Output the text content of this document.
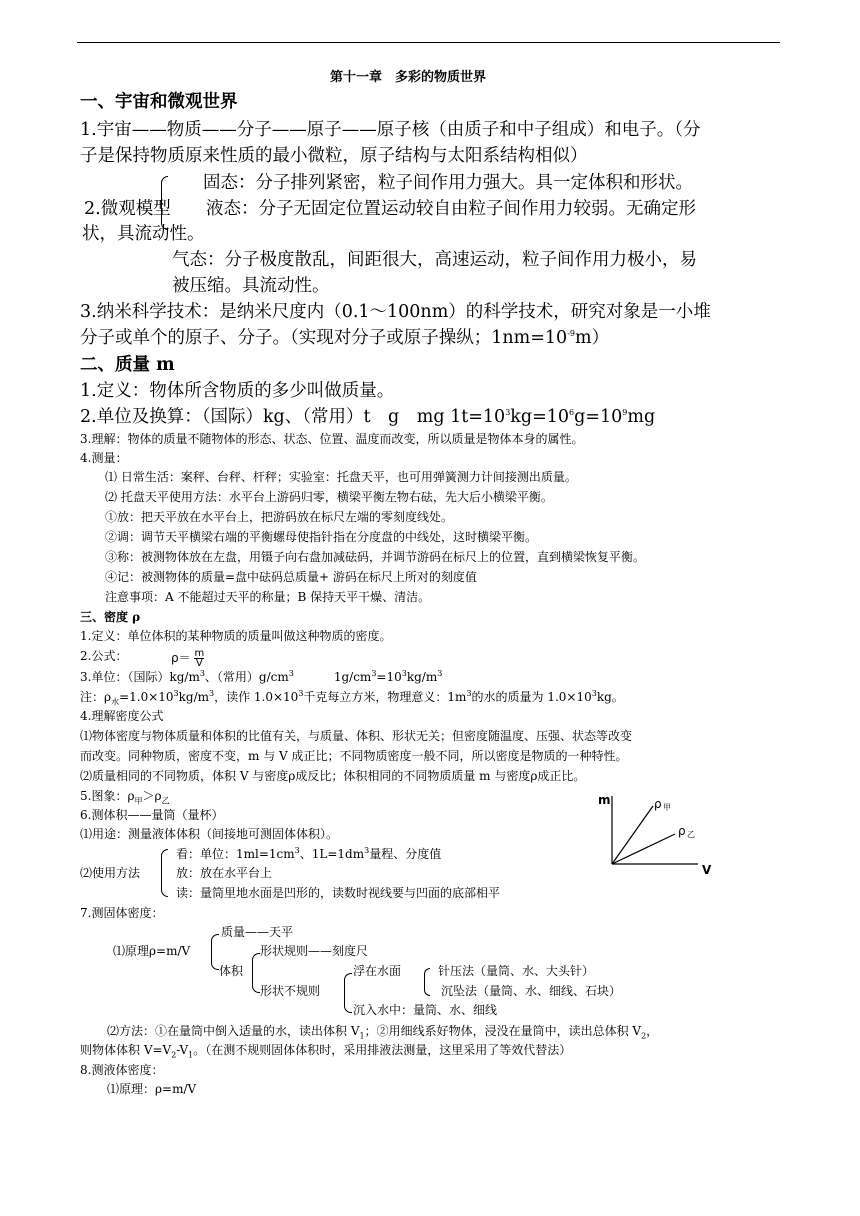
第十一章　多彩的物质世界
一、宇宙和微观世界
1.宇宙——物质——分子——原子——原子核（由质子和中子组成）和电子。（分
子是保持物质原来性质的最小微粒，原子结构与太阳系结构相似）
固态：分子排列紧密，粒子间作用力强大。具一定体积和形状。
2.微观模型 液态：分子无固定位置运动较自由粒子间作用力较弱。无确定形
状，具流动性。
气态：分子极度散乱，间距很大，高速运动，粒子间作用力极小，易
被压缩。具流动性。
3.纳米科学技术：是纳米尺度内（0.1～100nm）的科学技术，研究对象是一小堆
分子或单个的原子、分子。（实现对分子或原子操纵；$1nm=10^{-9}m$）
二、质量 m
1.定义：物体所含物质的多少叫做质量。
2.单位及换算：（国际）kg、（常用）t　g　mg $1t=10^3kg=10^6g=10^9mg$
3.理解：物体的质量不随物体的形态、状态、位置、温度而改变，所以质量是物体本身的属性。
4.测量：
⑴ 日常生活：案秤、台秤、杆秤；实验室：托盘天平，也可用弹簧测力计间接测出质量。
⑵ 托盘天平使用方法：水平台上游码归零，横梁平衡左物右砝，先大后小横梁平衡。
①放：把天平放在水平台上，把游码放在标尺左端的零刻度线处。
②调：调节天平横梁右端的平衡螺母使指针指在分度盘的中线处，这时横梁平衡。
③称：被测物体放在左盘，用镊子向右盘加减砝码，并调节游码在标尺上的位置，直到横梁恢复平衡。
④记：被测物体的质量=盘中砝码总质量+ 游码在标尺上所对的刻度值
注意事项：A 不能超过天平的称量；B 保持天平干燥、清洁。
三、密度 ρ
1.定义：单位体积的某种物质的质量叫做这种物质的密度。
2.公式：	$\rho= \frac{m}{V}$
3.单位：（国际）$kg/m^3$、（常用）$g/cm^3$	$1g/cm^3=10^3kg/m^3$
注：$\rho_水=1.0\times 10^3kg/m^3$，读作 $1.0\times 10^3$千克每立方米，物理意义：$1m^3$的水的质量为 $1.0\times 10^3kg$。
4.理解密度公式
⑴物体密度与物体质量和体积的比值有关，与质量、体积、形状无关；但密度随温度、压强、状态等改变
而改变。同种物质，密度不变，m 与 V 成正比；不同物质密度一般不同，所以密度是物质的一种特性。
⑵质量相同的不同物质，体积 V 与密度ρ成反比；体积相同的不同物质质量 m 与密度ρ成正比。
5.图象：$\rho_甲>\rho_乙$
6.测体积——量筒（量杯）
⑴用途：测量液体体积（间接地可测固体体积）。
看：单位：$1ml=1cm^3$、$1L=1dm^3$量程、分度值
⑵使用方法	放：放在水平台上
读：量筒里地水面是凹形的，读数时视线要与凹面的底部相平
7.测固体密度：
⑴原理ρ=m/V
质量——天平
体积
形状规则——刻度尺
形状不规则
浮在水面	针压法（量筒、水、大头针）
沉坠法（量筒、水、细线、石块）
沉入水中：量筒、水、细线
⑵方法：①在量筒中倒入适量的水，读出体积 $V_1$；②用细线系好物体，浸没在量筒中，读出总体积 $V_2$，
则物体体积 $V=V_2-V_1$。（在测不规则固体体积时，采用排液法测量，这里采用了等效代替法）
8.测液体密度：
⑴原理：ρ=m/V
m
V
ρ 甲
ρ 乙
